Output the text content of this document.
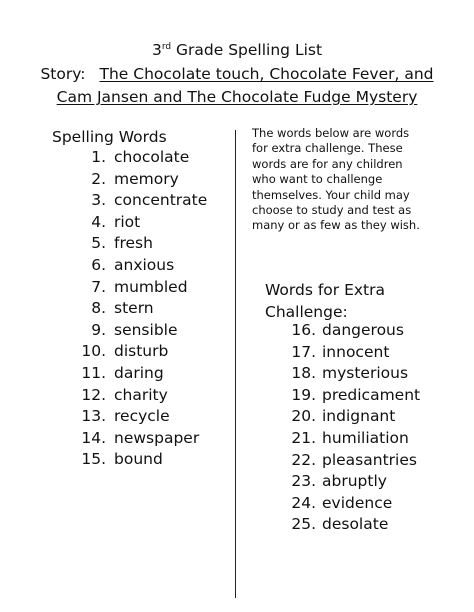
3rd Grade Spelling List
Story: The Chocolate touch, Chocolate Fever, and
Cam Jansen and The Chocolate Fudge Mystery
Spelling Words
1. chocolate
2. memory
3. concentrate
4. riot
5. fresh
6. anxious
7. mumbled
8. stern
9. sensible
10. disturb
11. daring
12. charity
13. recycle
14. newspaper
15. bound
The words below are words
for extra challenge. These
words are for any children
who want to challenge
themselves. Your child may
choose to study and test as
many or as few as they wish.
Words for Extra
Challenge:
16. dangerous
17. innocent
18. mysterious
19. predicament
20. indignant
21. humiliation
22. pleasantries
23. abruptly
24. evidence
25. desolate
